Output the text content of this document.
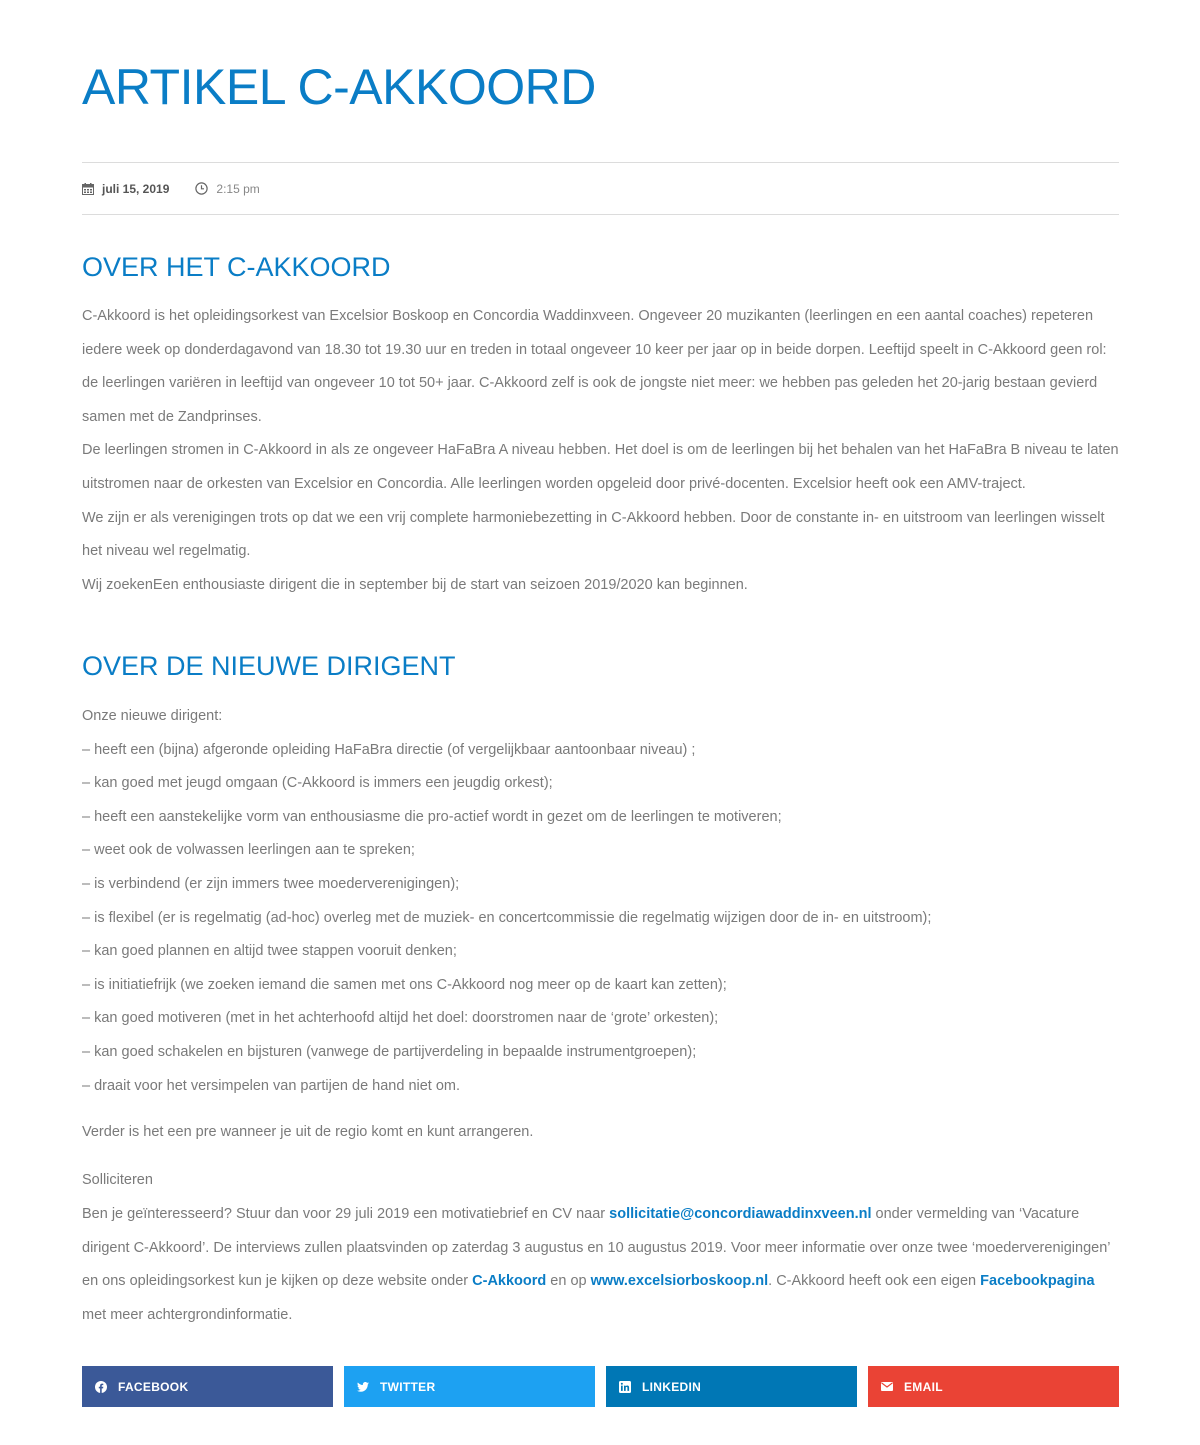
ARTIKEL C-AKKOORD
juli 15, 2019	2:15 pm
OVER HET C-AKKOORD

C-Akkoord is het opleidingsorkest van Excelsior Boskoop en Concordia Waddinxveen. Ongeveer 20 muzikanten (leerlingen en een aantal coaches) repeteren iedere week op donderdagavond van 18.30 tot 19.30 uur en treden in totaal ongeveer 10 keer per jaar op in beide dorpen. Leeftijd speelt in C-Akkoord geen rol: de leerlingen variëren in leeftijd van ongeveer 10 tot 50+ jaar. C-Akkoord zelf is ook de jongste niet meer: we hebben pas geleden het 20-jarig bestaan gevierd samen met de Zandprinses.

De leerlingen stromen in C-Akkoord in als ze ongeveer HaFaBra A niveau hebben. Het doel is om de leerlingen bij het behalen van het HaFaBra B niveau te laten uitstromen naar de orkesten van Excelsior en Concordia. Alle leerlingen worden opgeleid door privé-docenten. Excelsior heeft ook een AMV-traject.

We zijn er als verenigingen trots op dat we een vrij complete harmoniebezetting in C-Akkoord hebben. Door de constante in- en uitstroom van leerlingen wisselt het niveau wel regelmatig.

Wij zoekenEen enthousiaste dirigent die in september bij de start van seizoen 2019/2020 kan beginnen.

OVER DE NIEUWE DIRIGENT

Onze nieuwe dirigent:

– heeft een (bijna) afgeronde opleiding HaFaBra directie (of vergelijkbaar aantoonbaar niveau) ;

– kan goed met jeugd omgaan (C-Akkoord is immers een jeugdig orkest);

– heeft een aanstekelijke vorm van enthousiasme die pro-actief wordt in gezet om de leerlingen te motiveren;

– weet ook de volwassen leerlingen aan te spreken;

– is verbindend (er zijn immers twee moederverenigingen);

– is flexibel (er is regelmatig (ad-hoc) overleg met de muziek- en concertcommissie die regelmatig wijzigen door de in- en uitstroom);

– kan goed plannen en altijd twee stappen vooruit denken;

– is initiatiefrijk (we zoeken iemand die samen met ons C-Akkoord nog meer op de kaart kan zetten);

– kan goed motiveren (met in het achterhoofd altijd het doel: doorstromen naar de ‘grote’ orkesten);

– kan goed schakelen en bijsturen (vanwege de partijverdeling in bepaalde instrumentgroepen);

– draait voor het versimpelen van partijen de hand niet om.

Verder is het een pre wanneer je uit de regio komt en kunt arrangeren.

Solliciteren

Ben je geïnteresseerd? Stuur dan voor 29 juli 2019 een motivatiebrief en CV naar sollicitatie@concordiawaddinxveen.nl onder vermelding van ‘Vacature dirigent C-Akkoord’. De interviews zullen plaatsvinden op zaterdag 3 augustus en 10 augustus 2019. Voor meer informatie over onze twee ‘moederverenigingen’ en ons opleidingsorkest kun je kijken op deze website onder C-Akkoord en op www.excelsiorboskoop.nl. C-Akkoord heeft ook een eigen Facebookpagina met meer achtergrondinformatie.

FACEBOOK	TWITTER	LINKEDIN	EMAIL
